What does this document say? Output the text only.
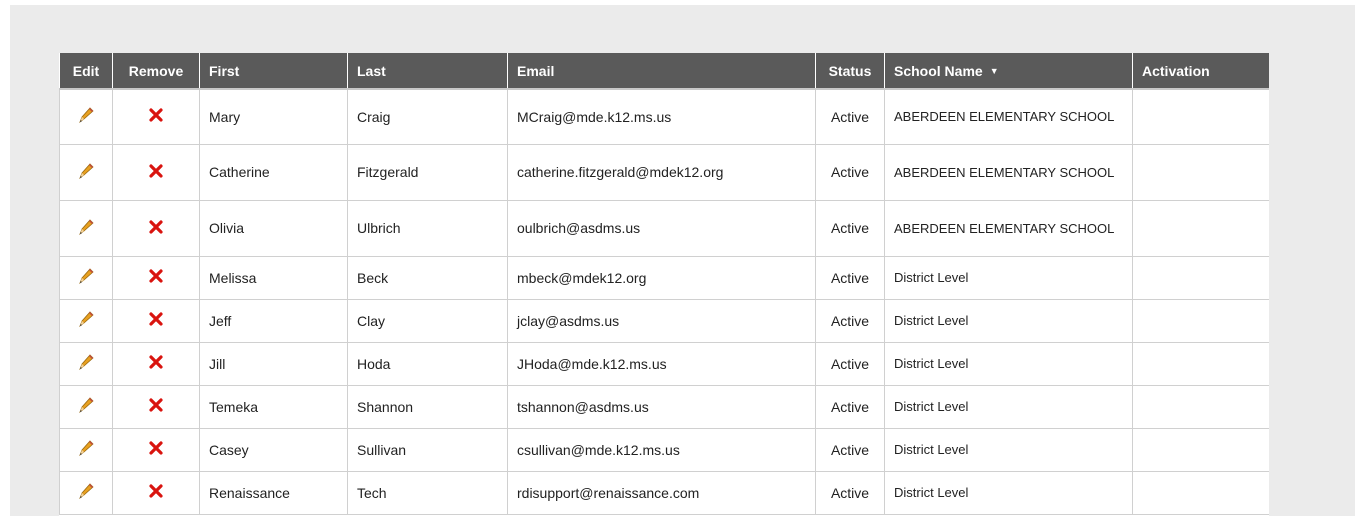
Edit	Remove	First	Last	Email	Status	School Name ▼	Activation
		Mary	Craig	MCraig@mde.k12.ms.us	Active	ABERDEEN ELEMENTARY SCHOOL	
		Catherine	Fitzgerald	catherine.fitzgerald@mdek12.org	Active	ABERDEEN ELEMENTARY SCHOOL	
		Olivia	Ulbrich	oulbrich@asdms.us	Active	ABERDEEN ELEMENTARY SCHOOL	
		Melissa	Beck	mbeck@mdek12.org	Active	District Level	
		Jeff	Clay	jclay@asdms.us	Active	District Level	
		Jill	Hoda	JHoda@mde.k12.ms.us	Active	District Level	
		Temeka	Shannon	tshannon@asdms.us	Active	District Level	
		Casey	Sullivan	csullivan@mde.k12.ms.us	Active	District Level	
		Renaissance	Tech	rdisupport@renaissance.com	Active	District Level	
